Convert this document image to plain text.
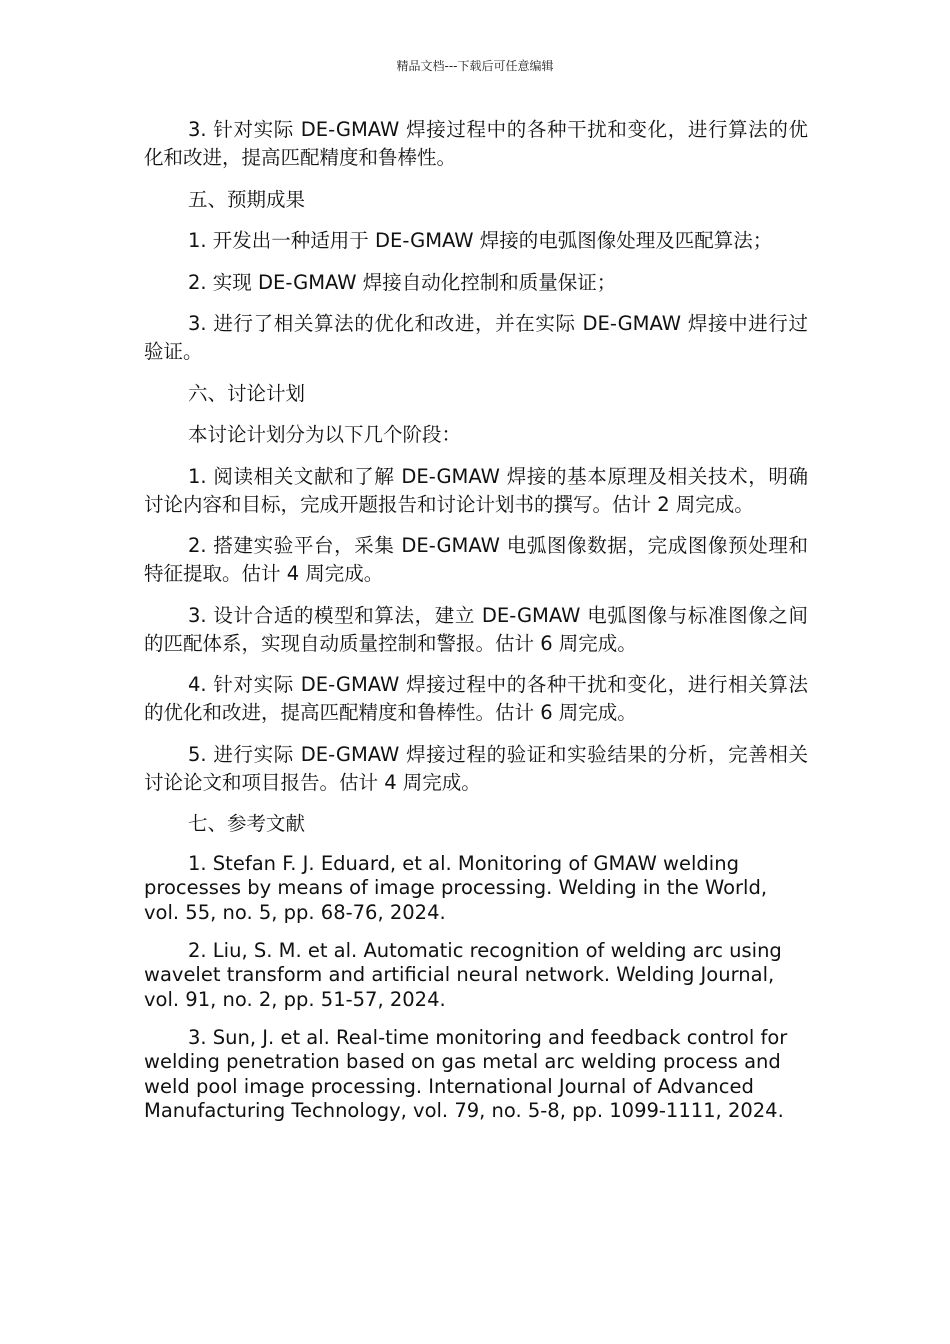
精品文档---下载后可任意编辑

3. 针对实际 DE-GMAW 焊接过程中的各种干扰和变化，进行算法的优化和改进，提高匹配精度和鲁棒性。

五、预期成果

1. 开发出一种适用于 DE-GMAW 焊接的电弧图像处理及匹配算法；

2. 实现 DE-GMAW 焊接自动化控制和质量保证；

3. 进行了相关算法的优化和改进，并在实际 DE-GMAW 焊接中进行过验证。

六、讨论计划

本讨论计划分为以下几个阶段：

1. 阅读相关文献和了解 DE-GMAW 焊接的基本原理及相关技术，明确讨论内容和目标，完成开题报告和讨论计划书的撰写。估计 2 周完成。

2. 搭建实验平台，采集 DE-GMAW 电弧图像数据，完成图像预处理和特征提取。估计 4 周完成。

3. 设计合适的模型和算法，建立 DE-GMAW 电弧图像与标准图像之间的匹配体系，实现自动质量控制和警报。估计 6 周完成。

4. 针对实际 DE-GMAW 焊接过程中的各种干扰和变化，进行相关算法的优化和改进，提高匹配精度和鲁棒性。估计 6 周完成。

5. 进行实际 DE-GMAW 焊接过程的验证和实验结果的分析，完善相关讨论论文和项目报告。估计 4 周完成。

七、参考文献

1. Stefan F. J. Eduard, et al. Monitoring of GMAW welding processes by means of image processing. Welding in the World, vol. 55, no. 5, pp. 68-76, 2024.

2. Liu, S. M. et al. Automatic recognition of welding arc using wavelet transform and artificial neural network. Welding Journal, vol. 91, no. 2, pp. 51-57, 2024.

3. Sun, J. et al. Real-time monitoring and feedback control for welding penetration based on gas metal arc welding process and weld pool image processing. International Journal of Advanced Manufacturing Technology, vol. 79, no. 5-8, pp. 1099-1111, 2024.
